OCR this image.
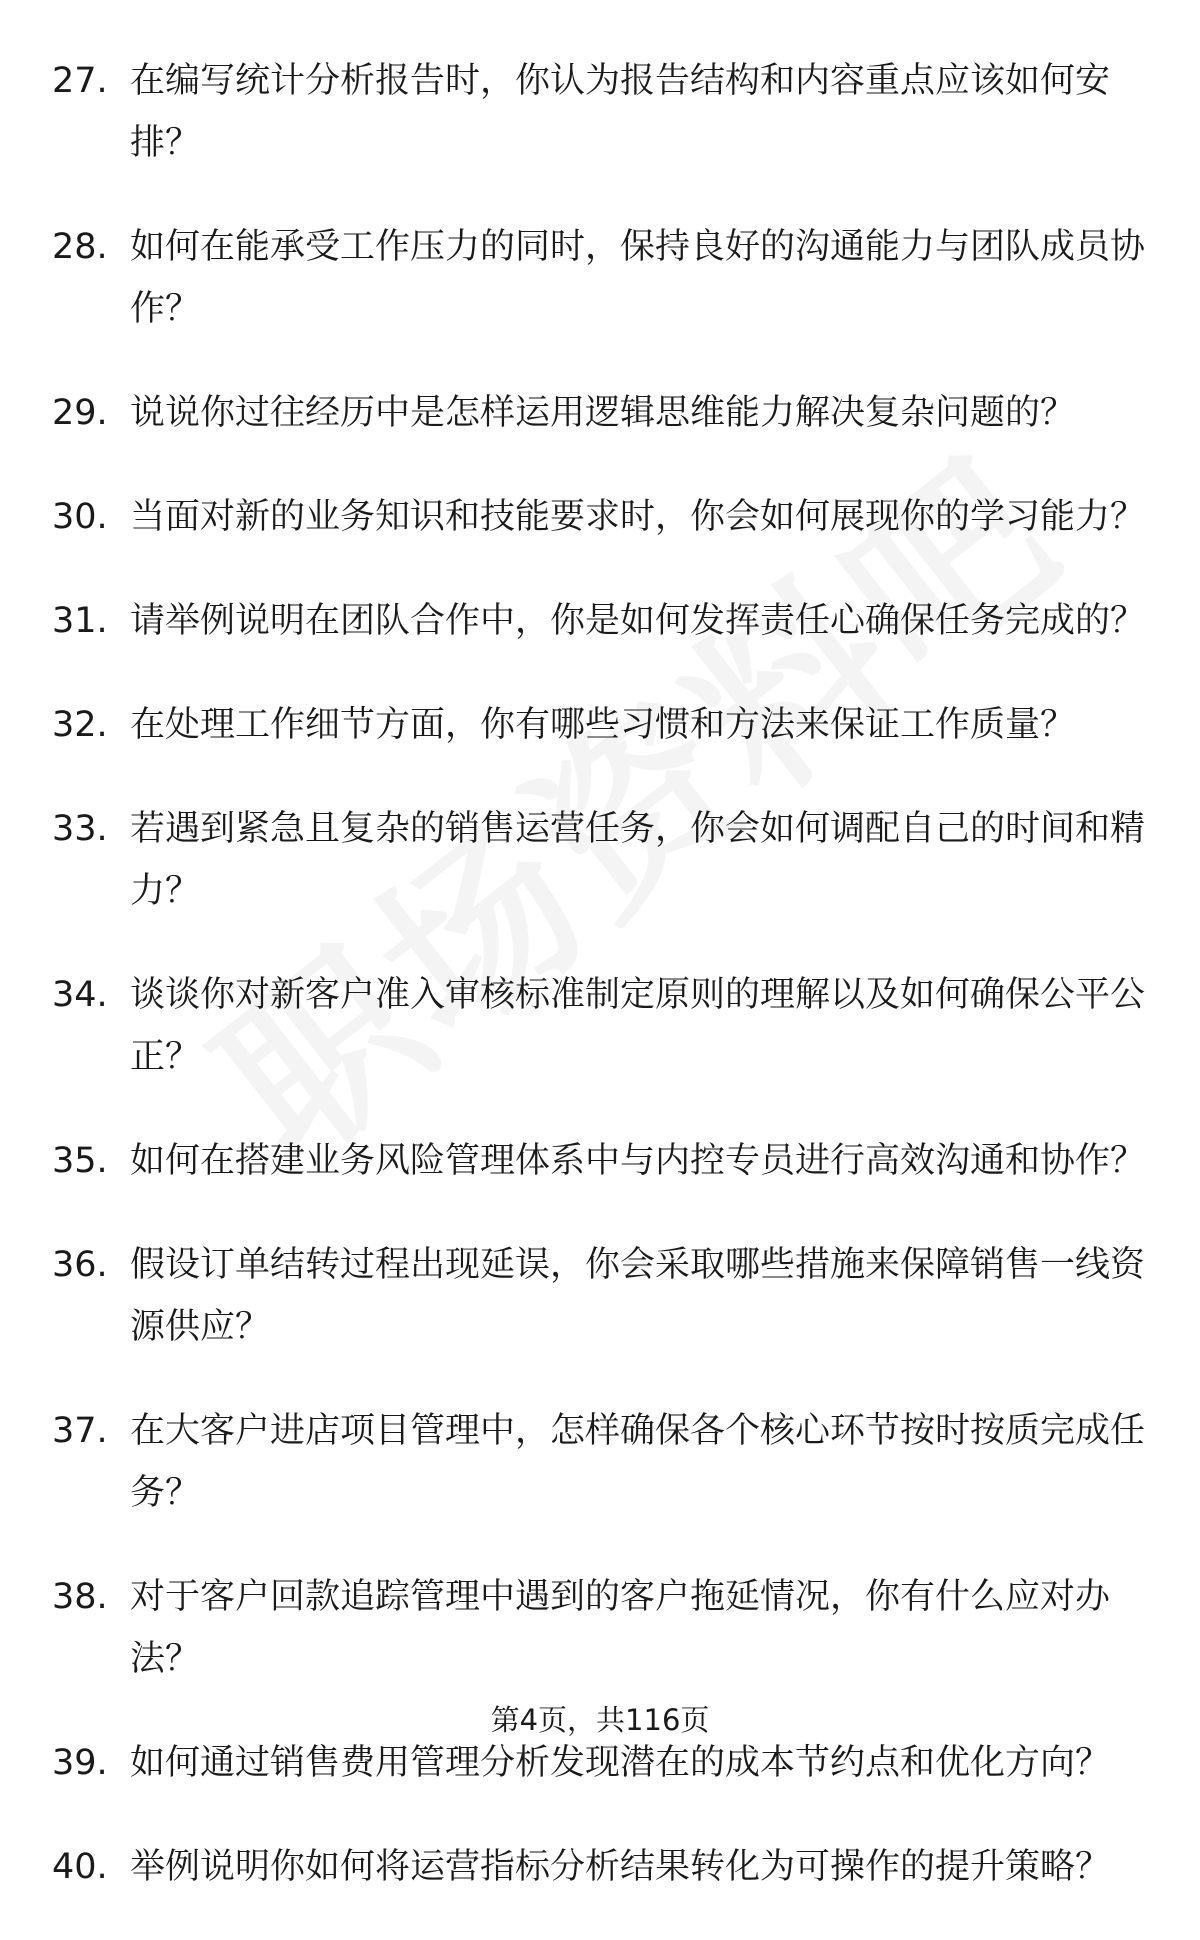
27. 在编写统计分析报告时，你认为报告结构和内容重点应该如何安排？
28. 如何在能承受工作压力的同时，保持良好的沟通能力与团队成员协作？
29. 说说你过往经历中是怎样运用逻辑思维能力解决复杂问题的？
30. 当面对新的业务知识和技能要求时，你会如何展现你的学习能力？
31. 请举例说明在团队合作中，你是如何发挥责任心确保任务完成的？
32. 在处理工作细节方面，你有哪些习惯和方法来保证工作质量？
33. 若遇到紧急且复杂的销售运营任务，你会如何调配自己的时间和精力？
34. 谈谈你对新客户准入审核标准制定原则的理解以及如何确保公平公正？
35. 如何在搭建业务风险管理体系中与内控专员进行高效沟通和协作？
36. 假设订单结转过程出现延误，你会采取哪些措施来保障销售一线资源供应？
37. 在大客户进店项目管理中，怎样确保各个核心环节按时按质完成任务？
38. 对于客户回款追踪管理中遇到的客户拖延情况，你有什么应对办法？
39. 如何通过销售费用管理分析发现潜在的成本节约点和优化方向？
40. 举例说明你如何将运营指标分析结果转化为可操作的提升策略？
第4页，共116页
